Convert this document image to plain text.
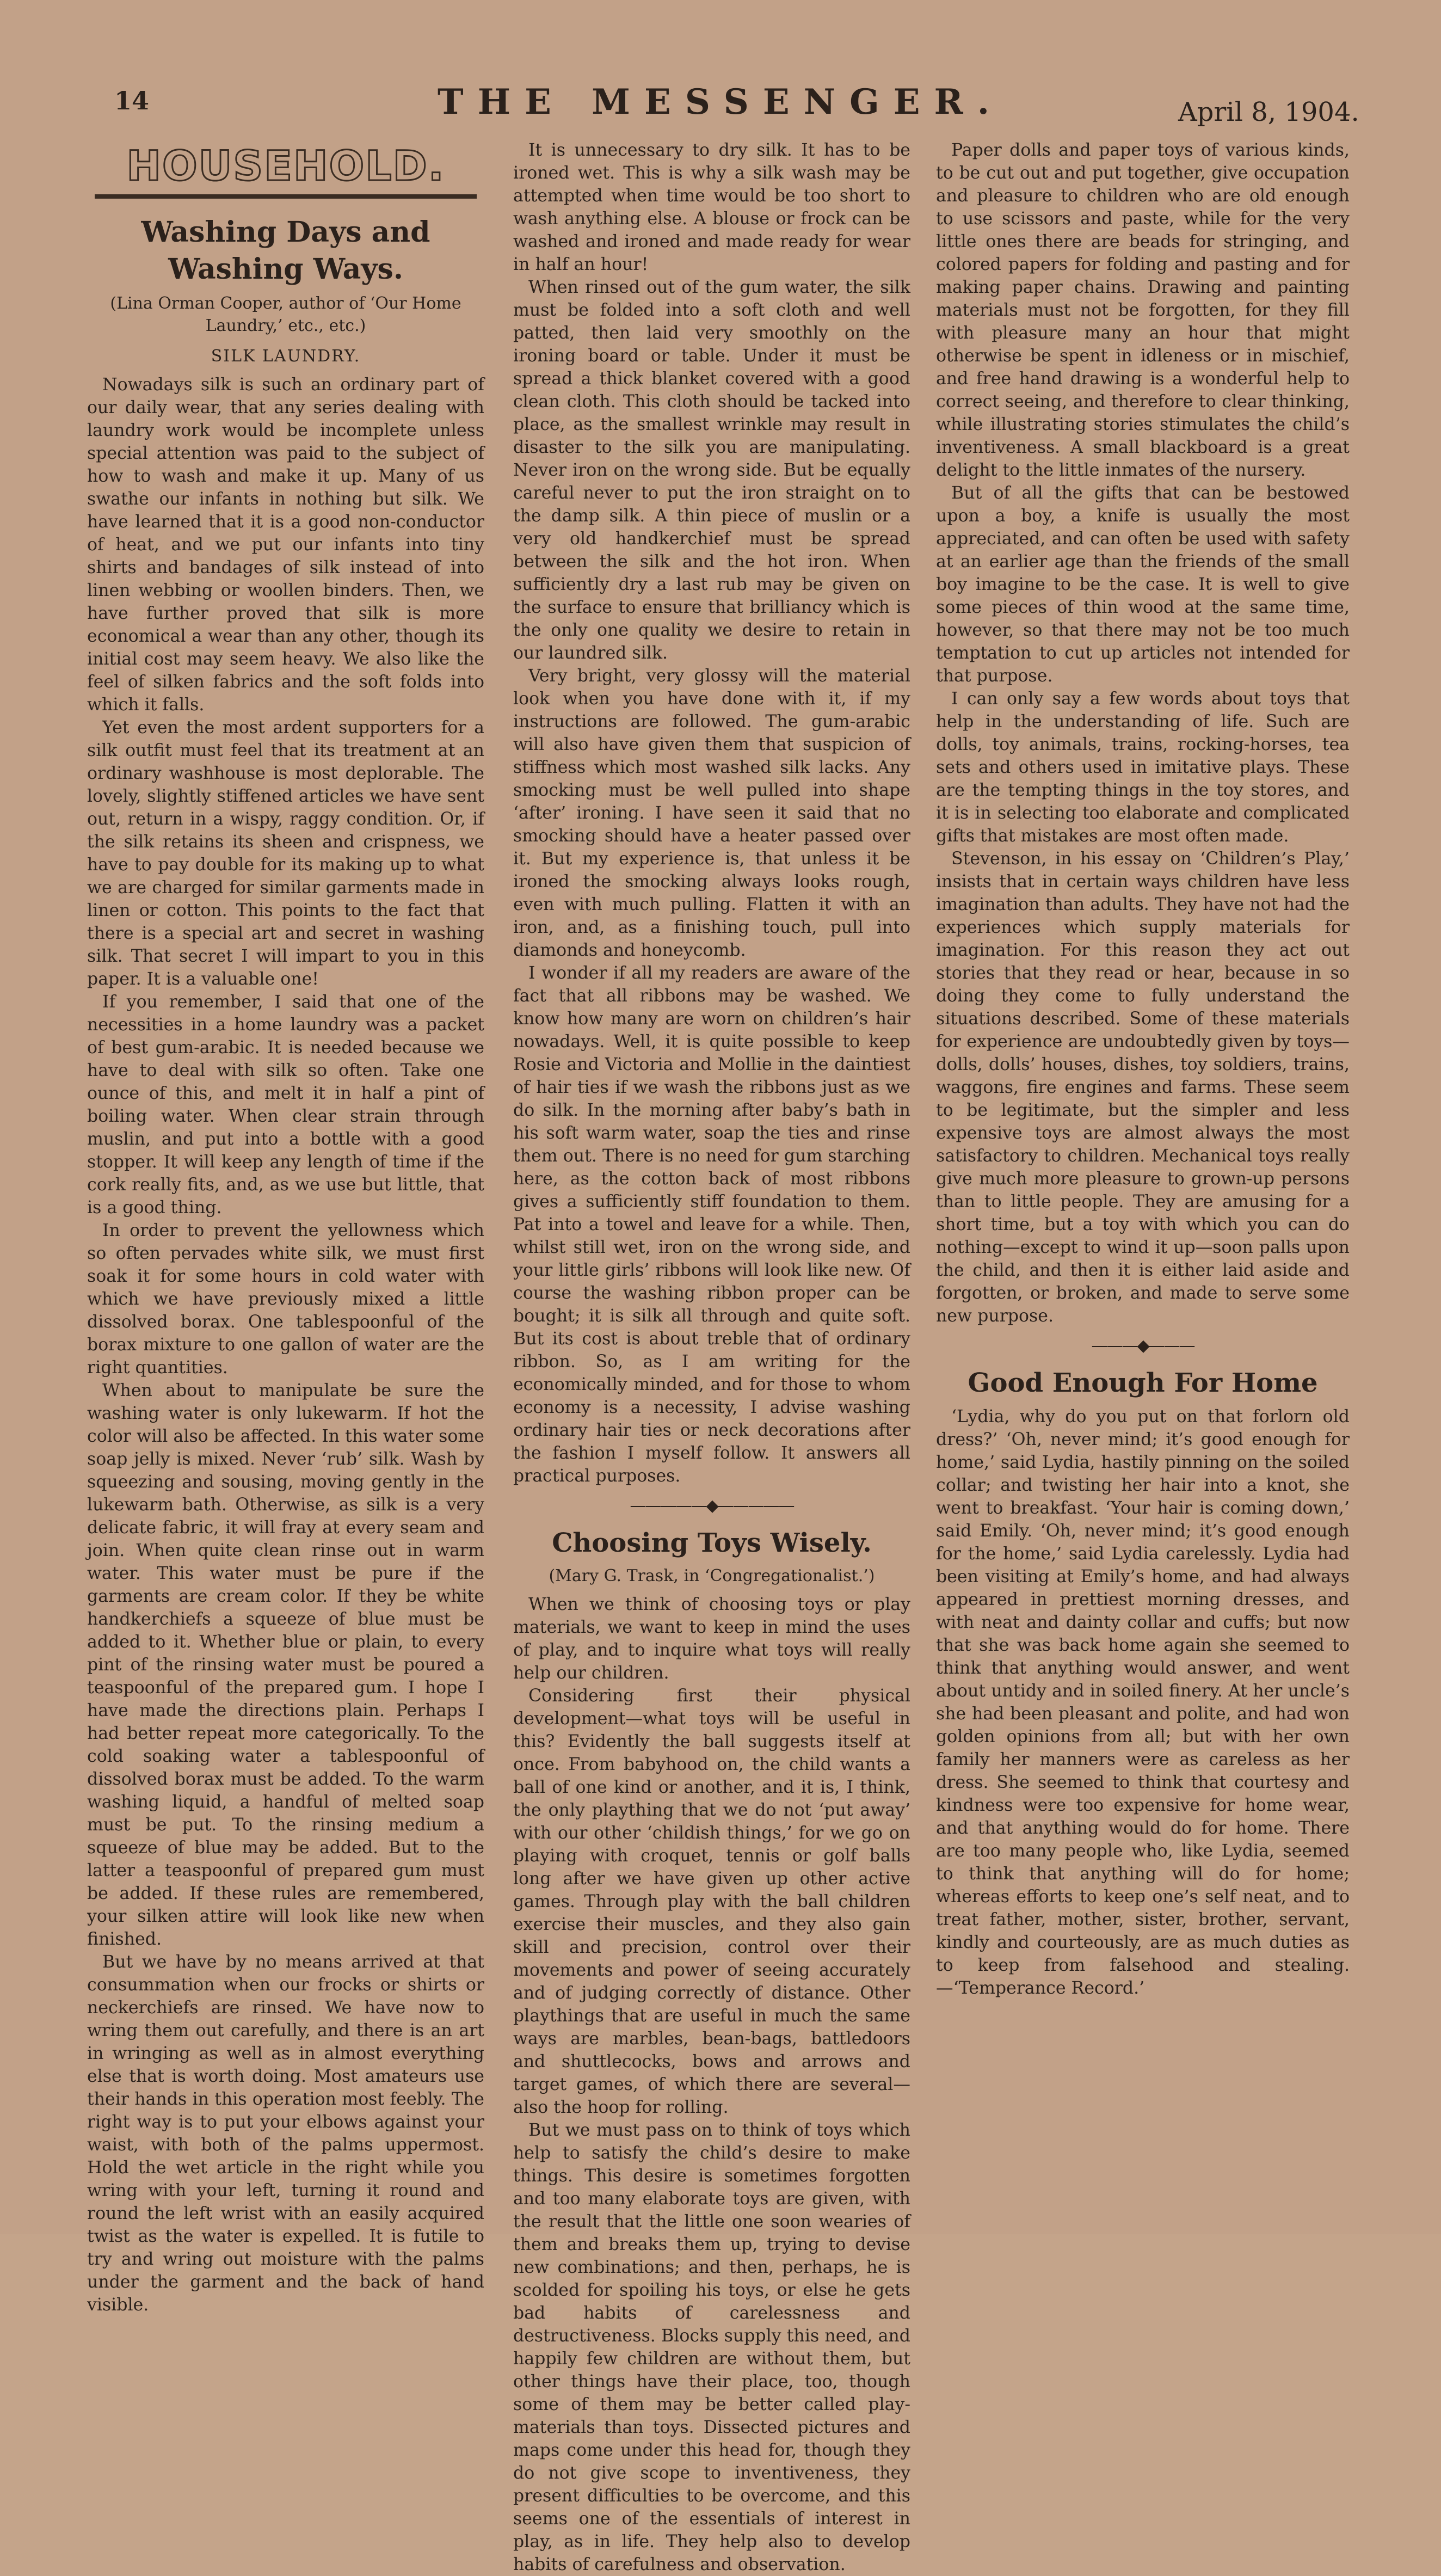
14	THE MESSENGER.	April 8, 1904.
HOUSEHOLD.
Washing Days and Washing Ways.
(Lina Orman Cooper, author of ‘Our Home Laundry,’ etc., etc.)
SILK LAUNDRY.

Nowadays silk is such an ordinary part of our daily wear, that any series dealing with laundry work would be incomplete unless special attention was paid to the subject of how to wash and make it up. Many of us swathe our infants in nothing but silk. We have learned that it is a good non-conductor of heat, and we put our infants into tiny shirts and bandages of silk instead of into linen webbing or woollen binders. Then, we have further proved that silk is more economical a wear than any other, though its initial cost may seem heavy. We also like the feel of silken fabrics and the soft folds into which it falls.

Yet even the most ardent supporters for a silk outfit must feel that its treatment at an ordinary washhouse is most deplorable. The lovely, slightly stiffened articles we have sent out, return in a wispy, raggy condition. Or, if the silk retains its sheen and crispness, we have to pay double for its making up to what we are charged for similar garments made in linen or cotton. This points to the fact that there is a special art and secret in washing silk. That secret I will impart to you in this paper. It is a valuable one!

If you remember, I said that one of the necessities in a home laundry was a packet of best gum-arabic. It is needed because we have to deal with silk so often. Take one ounce of this, and melt it in half a pint of boiling water. When clear strain through muslin, and put into a bottle with a good stopper. It will keep any length of time if the cork really fits, and, as we use but little, that is a good thing.

In order to prevent the yellowness which so often pervades white silk, we must first soak it for some hours in cold water with which we have previously mixed a little dissolved borax. One tablespoonful of the borax mixture to one gallon of water are the right quantities.

When about to manipulate be sure the washing water is only lukewarm. If hot the color will also be affected. In this water some soap jelly is mixed. Never ‘rub’ silk. Wash by squeezing and sousing, moving gently in the lukewarm bath. Otherwise, as silk is a very delicate fabric, it will fray at every seam and join. When quite clean rinse out in warm water. This water must be pure if the garments are cream color. If they be white handkerchiefs a squeeze of blue must be added to it. Whether blue or plain, to every pint of the rinsing water must be poured a teaspoonful of the prepared gum. I hope I have made the directions plain. Perhaps I had better repeat more categorically. To the cold soaking water a tablespoonful of dissolved borax must be added. To the warm washing liquid, a handful of melted soap must be put. To the rinsing medium a squeeze of blue may be added. But to the latter a teaspoonful of prepared gum must be added. If these rules are remembered, your silken attire will look like new when finished.

But we have by no means arrived at that consummation when our frocks or shirts or neckerchiefs are rinsed. We have now to wring them out carefully, and there is an art in wringing as well as in almost everything else that is worth doing. Most amateurs use their hands in this operation most feebly. The right way is to put your elbows against your waist, with both of the palms uppermost. Hold the wet article in the right while you wring with your left, turning it round and round the left wrist with an easily acquired twist as the water is expelled. It is futile to try and wring out moisture with the palms under the garment and the back of hand visible.

It is unnecessary to dry silk. It has to be ironed wet. This is why a silk wash may be attempted when time would be too short to wash anything else. A blouse or frock can be washed and ironed and made ready for wear in half an hour!

When rinsed out of the gum water, the silk must be folded into a soft cloth and well patted, then laid very smoothly on the ironing board or table. Under it must be spread a thick blanket covered with a good clean cloth. This cloth should be tacked into place, as the smallest wrinkle may result in disaster to the silk you are manipulating. Never iron on the wrong side. But be equally careful never to put the iron straight on to the damp silk. A thin piece of muslin or a very old handkerchief must be spread between the silk and the hot iron. When sufficiently dry a last rub may be given on the surface to ensure that brilliancy which is the only one quality we desire to retain in our laundred silk.

Very bright, very glossy will the material look when you have done with it, if my instructions are followed. The gum-arabic will also have given them that suspicion of stiffness which most washed silk lacks. Any smocking must be well pulled into shape ‘after’ ironing. I have seen it said that no smocking should have a heater passed over it. But my experience is, that unless it be ironed the smocking always looks rough, even with much pulling. Flatten it with an iron, and, as a finishing touch, pull into diamonds and honeycomb.

I wonder if all my readers are aware of the fact that all ribbons may be washed. We know how many are worn on children’s hair nowadays. Well, it is quite possible to keep Rosie and Victoria and Mollie in the daintiest of hair ties if we wash the ribbons just as we do silk. In the morning after baby’s bath in his soft warm water, soap the ties and rinse them out. There is no need for gum starching here, as the cotton back of most ribbons gives a sufficiently stiff foundation to them. Pat into a towel and leave for a while. Then, whilst still wet, iron on the wrong side, and your little girls’ ribbons will look like new. Of course the washing ribbon proper can be bought; it is silk all through and quite soft. But its cost is about treble that of ordinary ribbon. So, as I am writing for the economically minded, and for those to whom economy is a necessity, I advise washing ordinary hair ties or neck decorations after the fashion I myself follow. It answers all practical purposes.

—————◆—————
Choosing Toys Wisely.
(Mary G. Trask, in ‘Congregationalist.’)

When we think of choosing toys or play materials, we want to keep in mind the uses of play, and to inquire what toys will really help our children.

Considering first their physical development—what toys will be useful in this? Evidently the ball suggests itself at once. From babyhood on, the child wants a ball of one kind or another, and it is, I think, the only plaything that we do not ‘put away’ with our other ‘childish things,’ for we go on playing with croquet, tennis or golf balls long after we have given up other active games. Through play with the ball children exercise their muscles, and they also gain skill and precision, control over their movements and power of seeing accurately and of judging correctly of distance. Other playthings that are useful in much the same ways are marbles, bean-bags, battledoors and shuttlecocks, bows and arrows and target games, of which there are several—also the hoop for rolling.

But we must pass on to think of toys which help to satisfy the child’s desire to make things. This desire is sometimes forgotten and too many elaborate toys are given, with the result that the little one soon wearies of them and breaks them up, trying to devise new combinations; and then, perhaps, he is scolded for spoiling his toys, or else he gets bad habits of carelessness and destructiveness. Blocks supply this need, and happily few children are without them, but other things have their place, too, though some of them may be better called play-materials than toys. Dissected pictures and maps come under this head for, though they do not give scope to inventiveness, they present difficulties to be overcome, and this seems one of the essentials of interest in play, as in life. They help also to develop habits of carefulness and observation.

Paper dolls and paper toys of various kinds, to be cut out and put together, give occupation and pleasure to children who are old enough to use scissors and paste, while for the very little ones there are beads for stringing, and colored papers for folding and pasting and for making paper chains. Drawing and painting materials must not be forgotten, for they fill with pleasure many an hour that might otherwise be spent in idleness or in mischief, and free hand drawing is a wonderful help to correct seeing, and therefore to clear thinking, while illustrating stories stimulates the child’s inventiveness. A small blackboard is a great delight to the little inmates of the nursery.

But of all the gifts that can be bestowed upon a boy, a knife is usually the most appreciated, and can often be used with safety at an earlier age than the friends of the small boy imagine to be the case. It is well to give some pieces of thin wood at the same time, however, so that there may not be too much temptation to cut up articles not intended for that purpose.

I can only say a few words about toys that help in the understanding of life. Such are dolls, toy animals, trains, rocking-horses, tea sets and others used in imitative plays. These are the tempting things in the toy stores, and it is in selecting too elaborate and complicated gifts that mistakes are most often made.

Stevenson, in his essay on ‘Children’s Play,’ insists that in certain ways children have less imagination than adults. They have not had the experiences which supply materials for imagination. For this reason they act out stories that they read or hear, because in so doing they come to fully understand the situations described. Some of these materials for experience are undoubtedly given by toys—dolls, dolls’ houses, dishes, toy soldiers, trains, waggons, fire engines and farms. These seem to be legitimate, but the simpler and less expensive toys are almost always the most satisfactory to children. Mechanical toys really give much more pleasure to grown-up persons than to little people. They are amusing for a short time, but a toy with which you can do nothing—except to wind it up—soon palls upon the child, and then it is either laid aside and forgotten, or broken, and made to serve some new purpose.

———◆———
Good Enough For Home

‘Lydia, why do you put on that forlorn old dress?’ ‘Oh, never mind; it’s good enough for home,’ said Lydia, hastily pinning on the soiled collar; and twisting her hair into a knot, she went to breakfast. ‘Your hair is coming down,’ said Emily. ‘Oh, never mind; it’s good enough for the home,’ said Lydia carelessly. Lydia had been visiting at Emily’s home, and had always appeared in prettiest morning dresses, and with neat and dainty collar and cuffs; but now that she was back home again she seemed to think that anything would answer, and went about untidy and in soiled finery. At her uncle’s she had been pleasant and polite, and had won golden opinions from all; but with her own family her manners were as careless as her dress. She seemed to think that courtesy and kindness were too expensive for home wear, and that anything would do for home. There are too many people who, like Lydia, seemed to think that anything will do for home; whereas efforts to keep one’s self neat, and to treat father, mother, sister, brother, servant, kindly and courteously, are as much duties as to keep from falsehood and stealing.—‘Temperance Record.’
